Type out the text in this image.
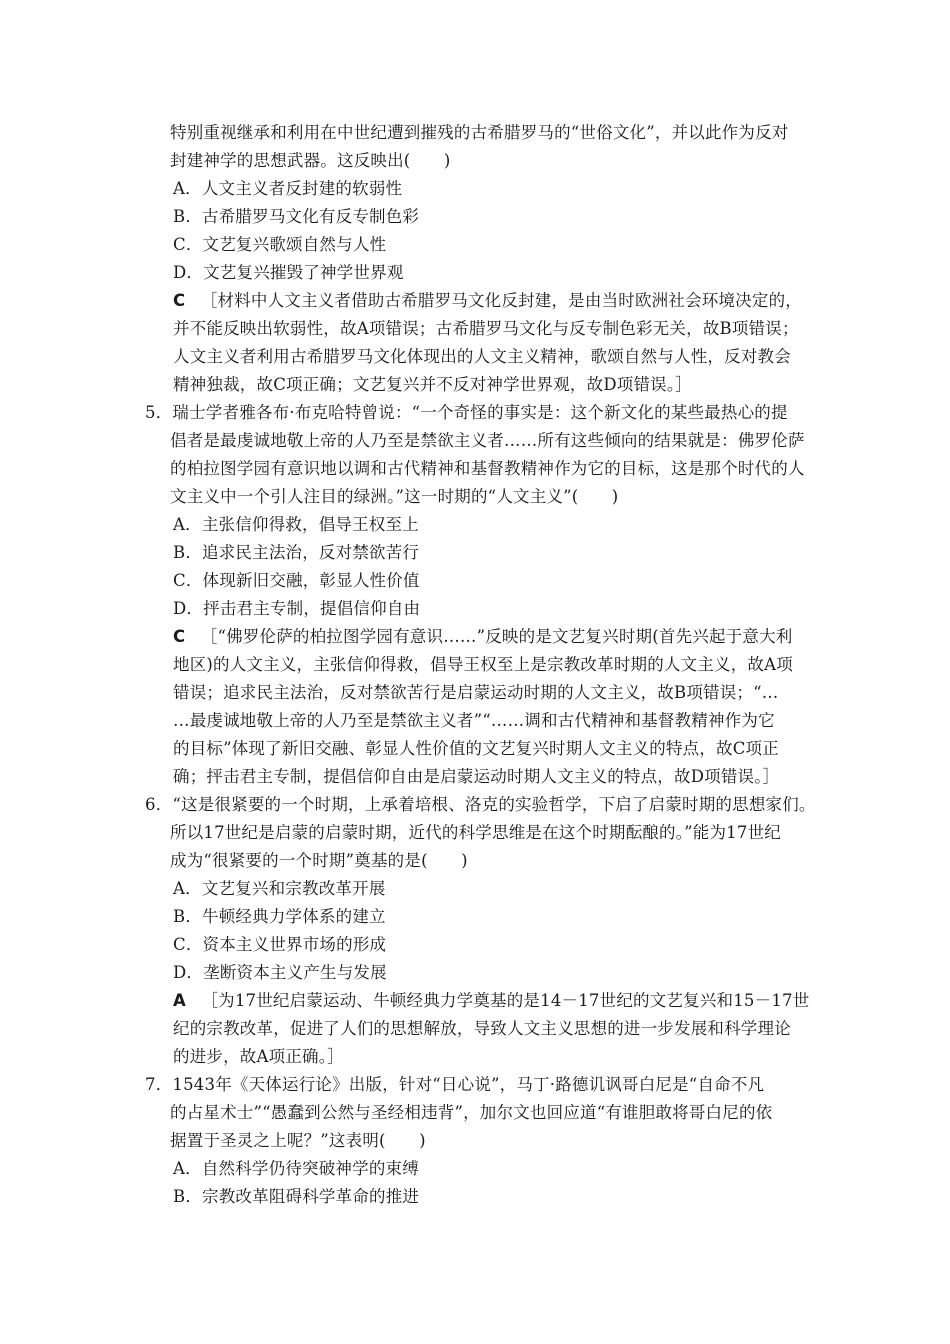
特别重视继承和利用在中世纪遭到摧残的古希腊罗马的“世俗文化”，并以此作为反对
封建神学的思想武器。这反映出(　　)
A．人文主义者反封建的软弱性
B．古希腊罗马文化有反专制色彩
C．文艺复兴歌颂自然与人性
D．文艺复兴摧毁了神学世界观
C ［材料中人文主义者借助古希腊罗马文化反封建，是由当时欧洲社会环境决定的，
并不能反映出软弱性，故A项错误；古希腊罗马文化与反专制色彩无关，故B项错误；
人文主义者利用古希腊罗马文化体现出的人文主义精神，歌颂自然与人性，反对教会
精神独裁，故C项正确；文艺复兴并不反对神学世界观，故D项错误。］
5．瑞士学者雅各布·布克哈特曾说：“一个奇怪的事实是：这个新文化的某些最热心的提
倡者是最虔诚地敬上帝的人乃至是禁欲主义者……所有这些倾向的结果就是：佛罗伦萨
的柏拉图学园有意识地以调和古代精神和基督教精神作为它的目标，这是那个时代的人
文主义中一个引人注目的绿洲。”这一时期的“人文主义”(　　)
A．主张信仰得救，倡导王权至上
B．追求民主法治，反对禁欲苦行
C．体现新旧交融，彰显人性价值
D．抨击君主专制，提倡信仰自由
C ［“佛罗伦萨的柏拉图学园有意识……”反映的是文艺复兴时期(首先兴起于意大利
地区)的人文主义，主张信仰得救，倡导王权至上是宗教改革时期的人文主义，故A项
错误；追求民主法治，反对禁欲苦行是启蒙运动时期的人文主义，故B项错误；“…
…最虔诚地敬上帝的人乃至是禁欲主义者”“……调和古代精神和基督教精神作为它
的目标”体现了新旧交融、彰显人性价值的文艺复兴时期人文主义的特点，故C项正
确；抨击君主专制，提倡信仰自由是启蒙运动时期人文主义的特点，故D项错误。］
6．“这是很紧要的一个时期，上承着培根、洛克的实验哲学，下启了启蒙时期的思想家们。
所以17世纪是启蒙的启蒙时期，近代的科学思维是在这个时期酝酿的。”能为17世纪
成为“很紧要的一个时期”奠基的是(　　)
A．文艺复兴和宗教改革开展
B．牛顿经典力学体系的建立
C．资本主义世界市场的形成
D．垄断资本主义产生与发展
A ［为17世纪启蒙运动、牛顿经典力学奠基的是14－17世纪的文艺复兴和15－17世
纪的宗教改革，促进了人们的思想解放，导致人文主义思想的进一步发展和科学理论
的进步，故A项正确。］
7．1543年《天体运行论》出版，针对“日心说”，马丁·路德讥讽哥白尼是“自命不凡
的占星术士”“愚蠢到公然与圣经相违背”，加尔文也回应道“有谁胆敢将哥白尼的依
据置于圣灵之上呢？”这表明(　　)
A．自然科学仍待突破神学的束缚
B．宗教改革阻碍科学革命的推进
